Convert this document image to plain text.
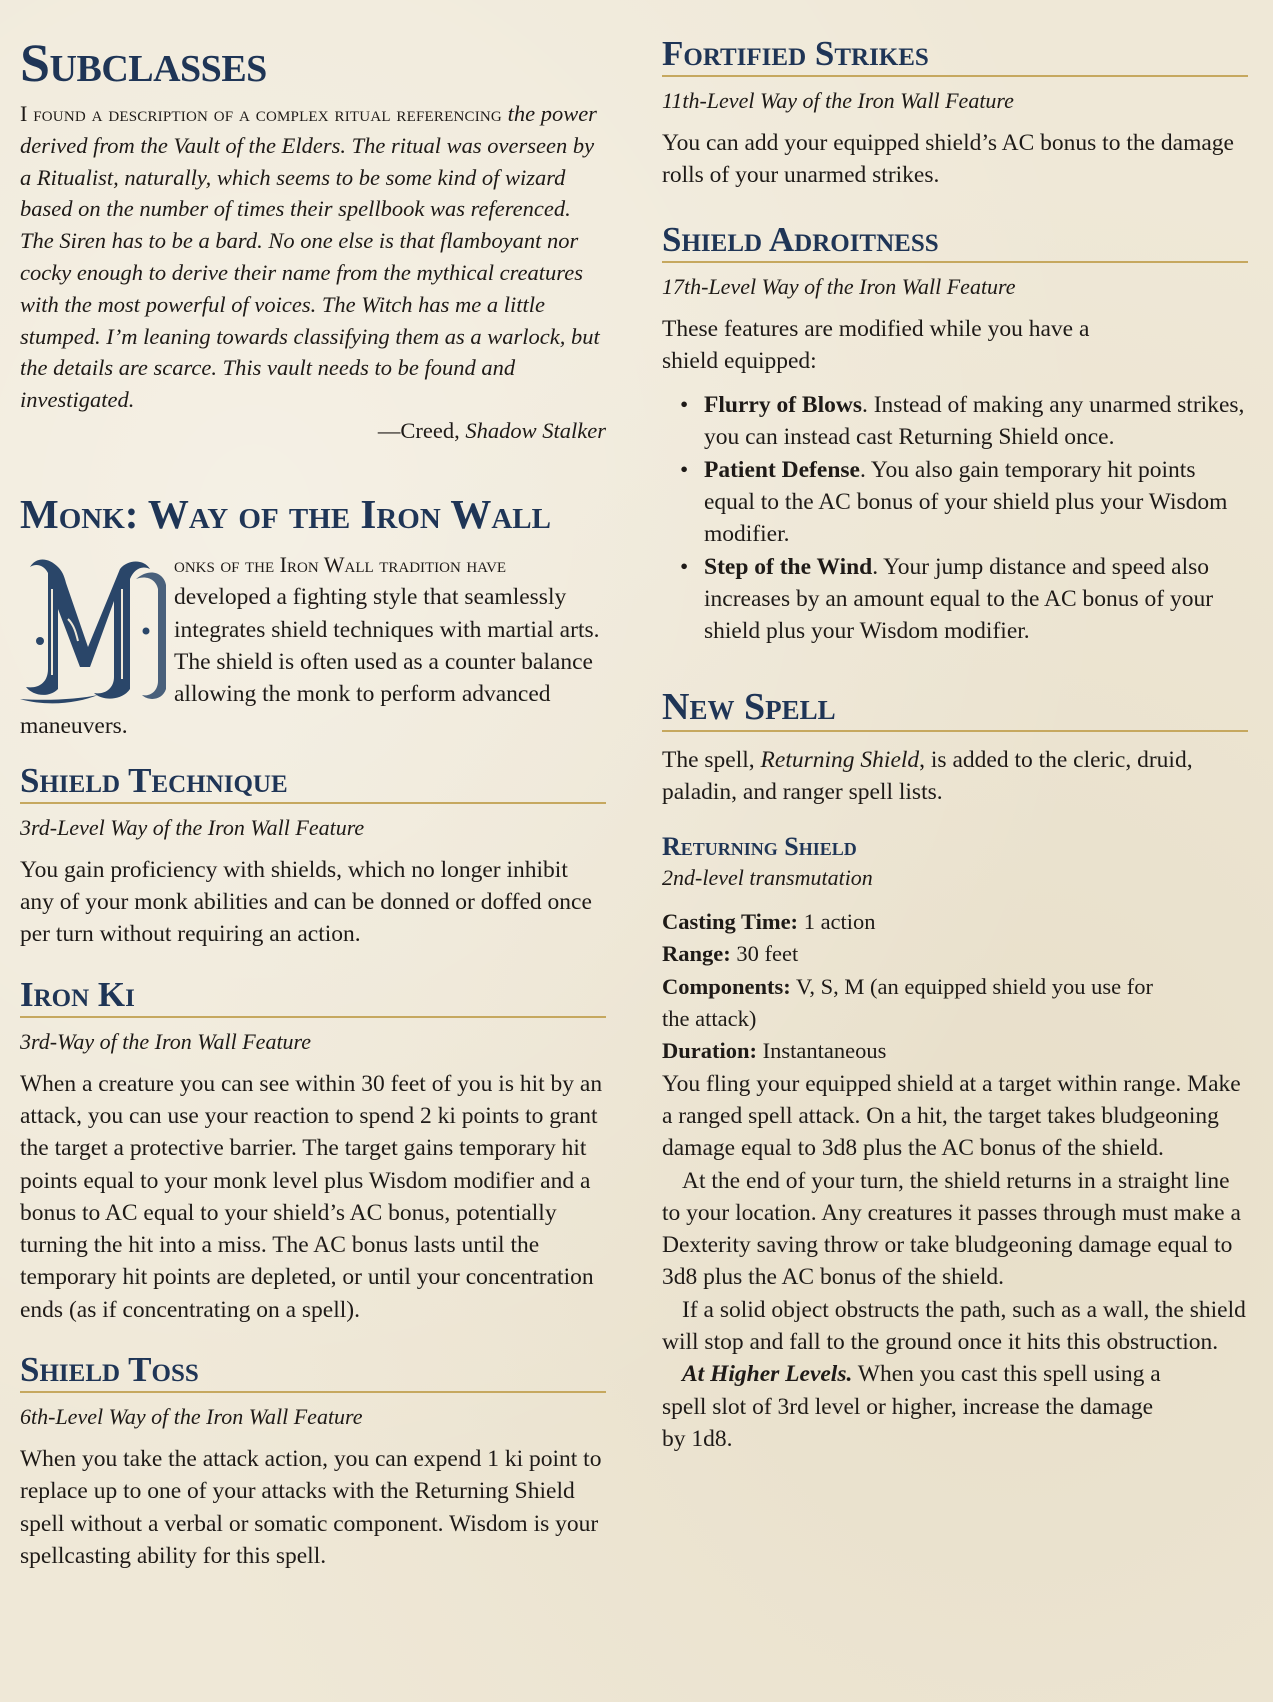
Subclasses

I found a description of a complex ritual referencing the power derived from the Vault of the Elders. The ritual was overseen by a Ritualist, naturally, which seems to be some kind of wizard based on the number of times their spellbook was referenced. The Siren has to be a bard. No one else is that flamboyant nor cocky enough to derive their name from the mythical creatures with the most powerful of voices. The Witch has me a little stumped. I’m leaning towards classifying them as a warlock, but the details are scarce. This vault needs to be found and investigated.

—Creed, Shadow Stalker

Monk: Way of the Iron Wall

onks of the Iron Wall tradition have developed a fighting style that seamlessly integrates shield techniques with martial arts. The shield is often used as a counter balance allowing the monk to perform advanced maneuvers.

Shield Technique

3rd-Level Way of the Iron Wall Feature

You gain proficiency with shields, which no longer inhibit any of your monk abilities and can be donned or doffed once per turn without requiring an action.

Iron Ki

3rd-Way of the Iron Wall Feature

When a creature you can see within 30 feet of you is hit by an attack, you can use your reaction to spend 2 ki points to grant the target a protective barrier. The target gains temporary hit points equal to your monk level plus Wisdom modifier and a bonus to AC equal to your shield’s AC bonus, potentially turning the hit into a miss. The AC bonus lasts until the temporary hit points are depleted, or until your concentration ends (as if concentrating on a spell).

Shield Toss

6th-Level Way of the Iron Wall Feature

When you take the attack action, you can expend 1 ki point to replace up to one of your attacks with the Returning Shield spell without a verbal or somatic component. Wisdom is your spellcasting ability for this spell.

Fortified Strikes

11th-Level Way of the Iron Wall Feature

You can add your equipped shield’s AC bonus to the damage rolls of your unarmed strikes.

Shield Adroitness

17th-Level Way of the Iron Wall Feature

These features are modified while you have a shield equipped:

• Flurry of Blows. Instead of making any unarmed strikes, you can instead cast Returning Shield once.
• Patient Defense. You also gain temporary hit points equal to the AC bonus of your shield plus your Wisdom modifier.
• Step of the Wind. Your jump distance and speed also increases by an amount equal to the AC bonus of your shield plus your Wisdom modifier.
New Spell

The spell, Returning Shield, is added to the cleric, druid, paladin, and ranger spell lists.

Returning Shield

2nd-level transmutation

Casting Time: 1 action

Range: 30 feet

Components: V, S, M (an equipped shield you use for the attack)

Duration: Instantaneous

You fling your equipped shield at a target within range. Make a ranged spell attack. On a hit, the target takes bludgeoning damage equal to 3d8 plus the AC bonus of the shield.

At the end of your turn, the shield returns in a straight line to your location. Any creatures it passes through must make a Dexterity saving throw or take bludgeoning damage equal to 3d8 plus the AC bonus of the shield.

If a solid object obstructs the path, such as a wall, the shield will stop and fall to the ground once it hits this obstruction.

At Higher Levels. When you cast this spell using a spell slot of 3rd level or higher, increase the damage by 1d8.
